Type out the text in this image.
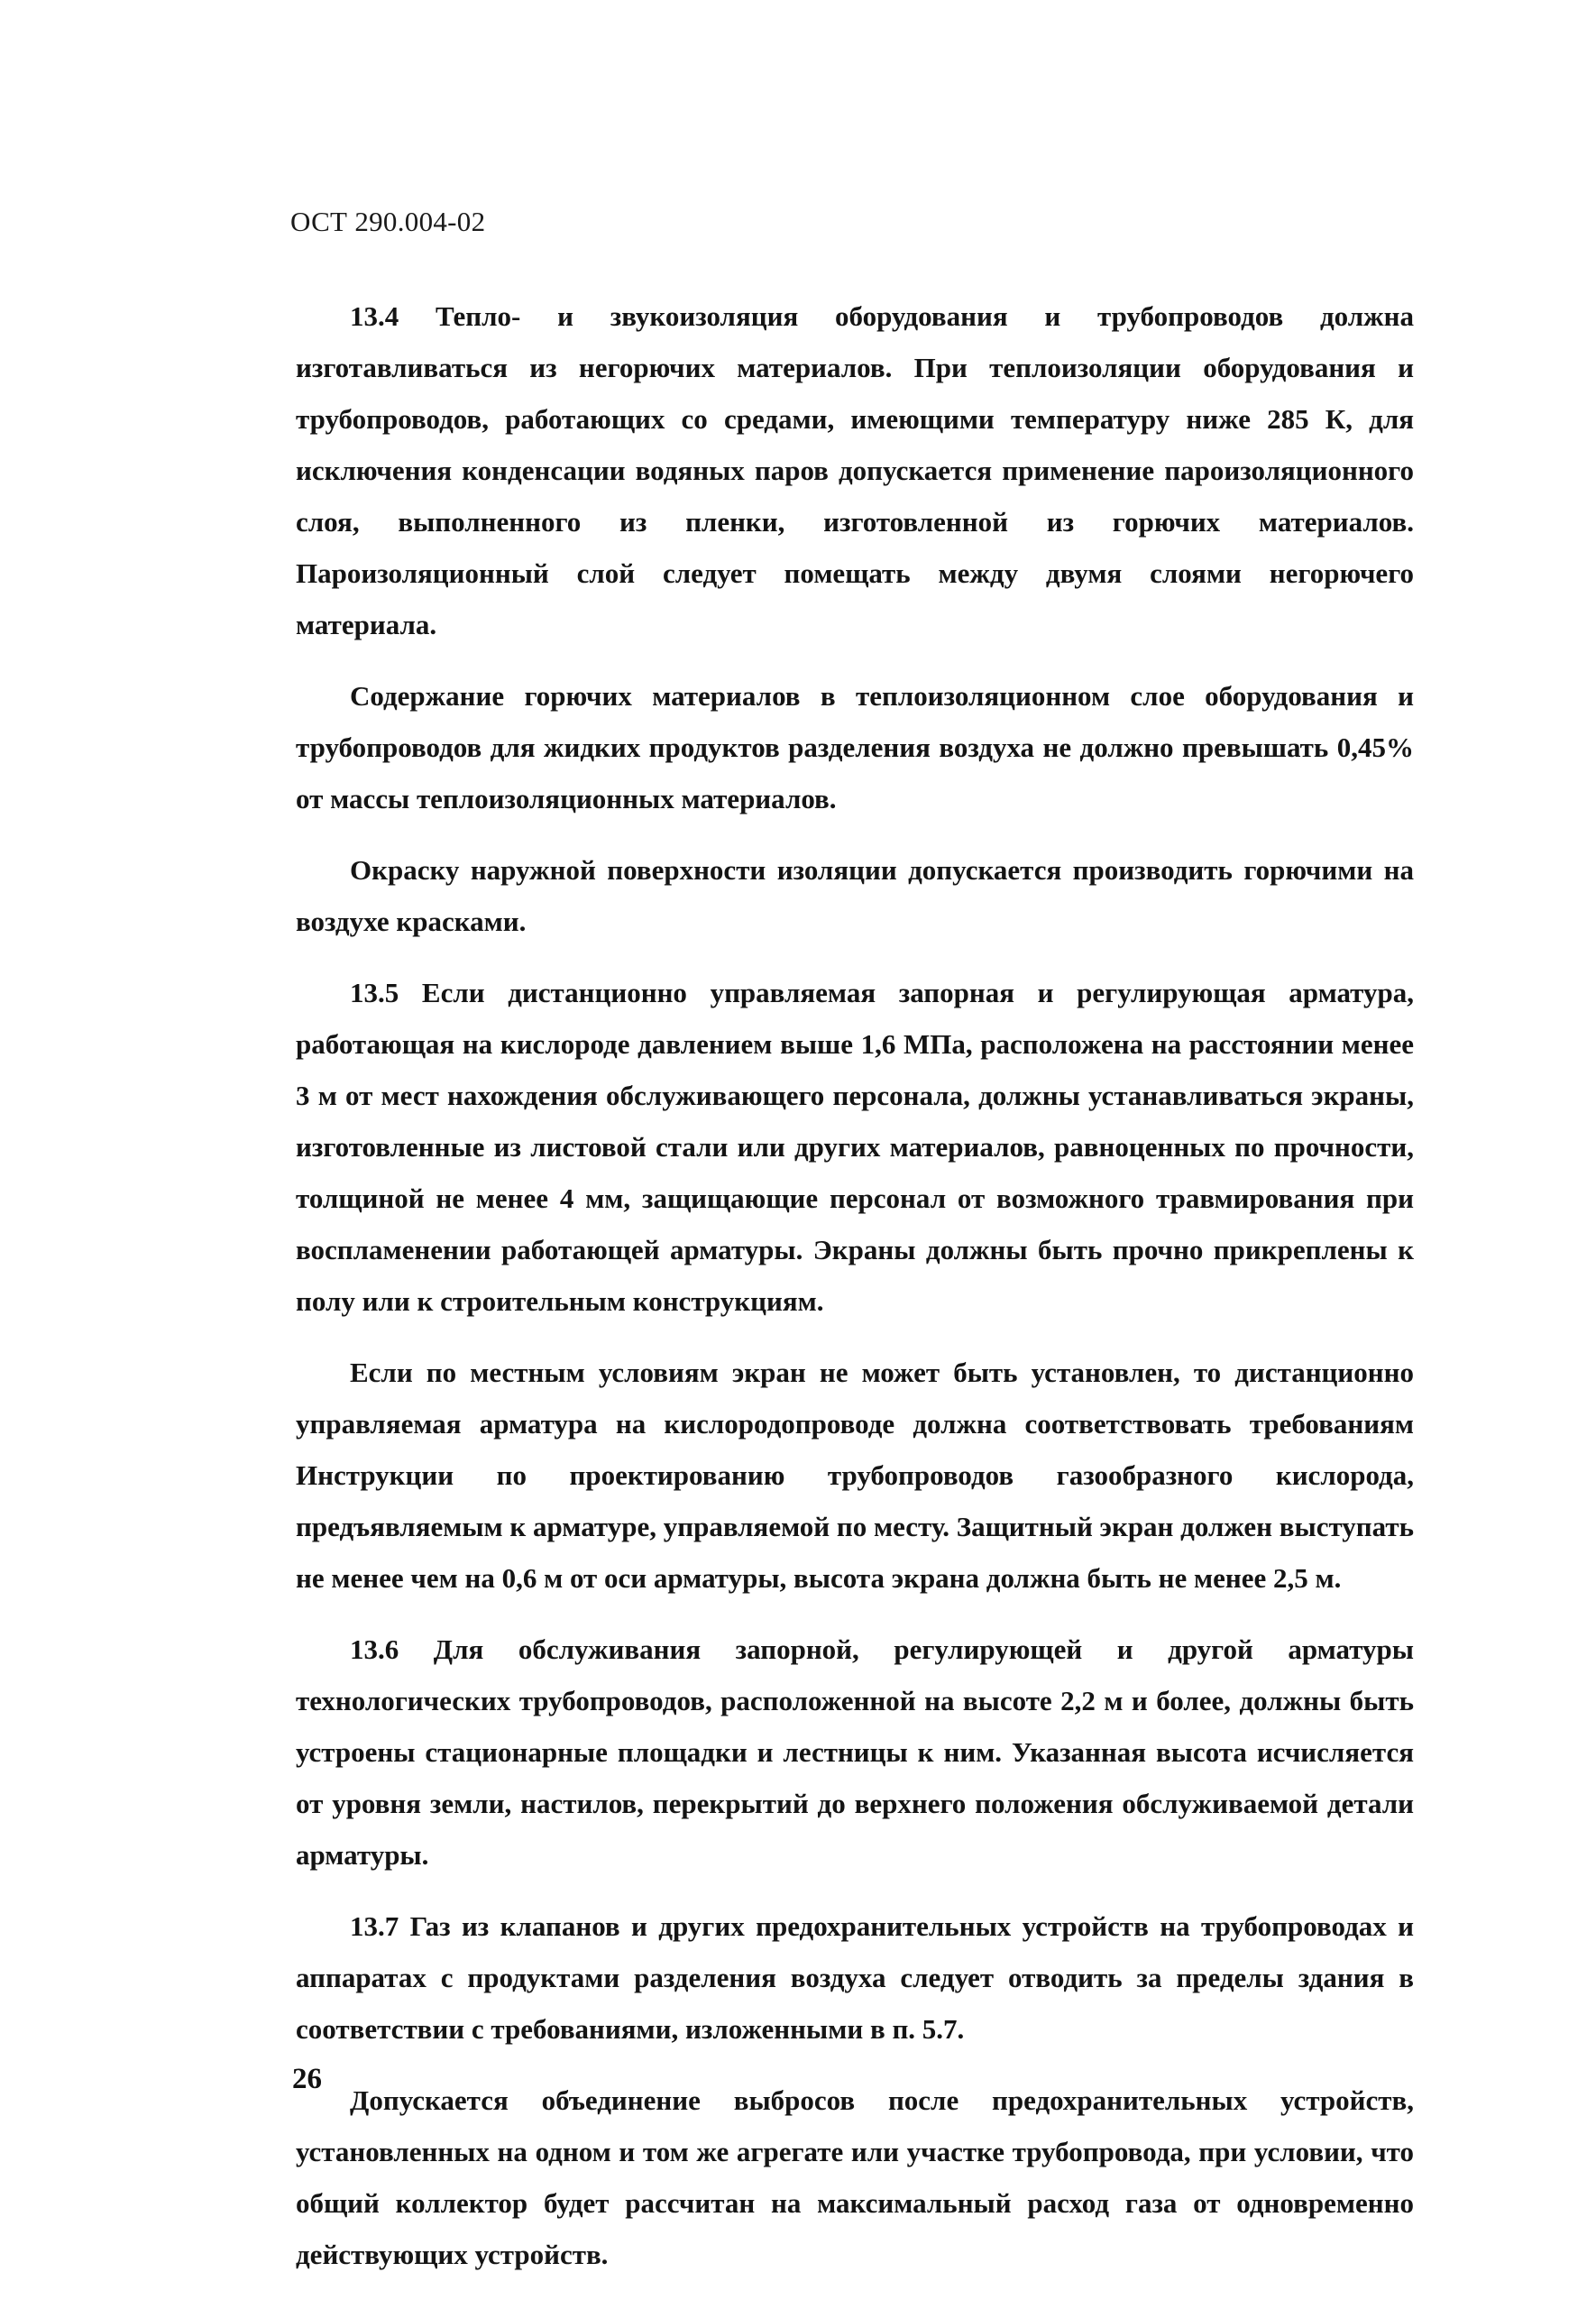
ОСТ 290.004-02

13.4 Тепло- и звукоизоляция оборудования и трубопроводов должна изготавливаться из негорючих материалов. При теплоизоляции оборудования и трубопроводов, работающих со средами, имеющими температуру ниже 285 К, для исключения конденсации водяных паров допускается применение пароизоляционного слоя, выполненного из пленки, изготовленной из горючих материалов. Пароизоляционный слой следует помещать между двумя слоями негорючего материала.

Содержание горючих материалов в теплоизоляционном слое оборудования и трубопроводов для жидких продуктов разделения воздуха не должно превышать 0,45% от массы теплоизоляционных материалов.

Окраску наружной поверхности изоляции допускается производить горючими на воздухе красками.

13.5 Если дистанционно управляемая запорная и регулирующая арматура, работающая на кислороде давлением выше 1,6 МПа, расположена на расстоянии менее 3 м от мест нахождения обслуживающего персонала, должны устанавливаться экраны, изготовленные из листовой стали или других материалов, равноценных по прочности, толщиной не менее 4 мм, защищающие персонал от возможного травмирования при воспламенении работающей арматуры. Экраны должны быть прочно прикреплены к полу или к строительным конструкциям.

Если по местным условиям экран не может быть установлен, то дистанционно управляемая арматура на кислородопроводе должна соответствовать требованиям Инструкции по проектированию трубопроводов газообразного кислорода, предъявляемым к арматуре, управляемой по месту. Защитный экран должен выступать не менее чем на 0,6 м от оси арматуры, высота экрана должна быть не менее 2,5 м.

13.6 Для обслуживания запорной, регулирующей и другой арматуры технологических трубопроводов, расположенной на высоте 2,2 м и более, должны быть устроены стационарные площадки и лестницы к ним. Указанная высота исчисляется от уровня земли, настилов, перекрытий до верхнего положения обслуживаемой детали арматуры.

13.7 Газ из клапанов и других предохранительных устройств на трубопроводах и аппаратах с продуктами разделения воздуха следует отводить за пределы здания в соответствии с требованиями, изложенными в п. 5.7.

Допускается объединение выбросов после предохранительных устройств, установленных на одном и том же агрегате или участке трубопровода, при условии, что общий коллектор будет рассчитан на максимальный расход газа от одновременно действующих устройств.

26
